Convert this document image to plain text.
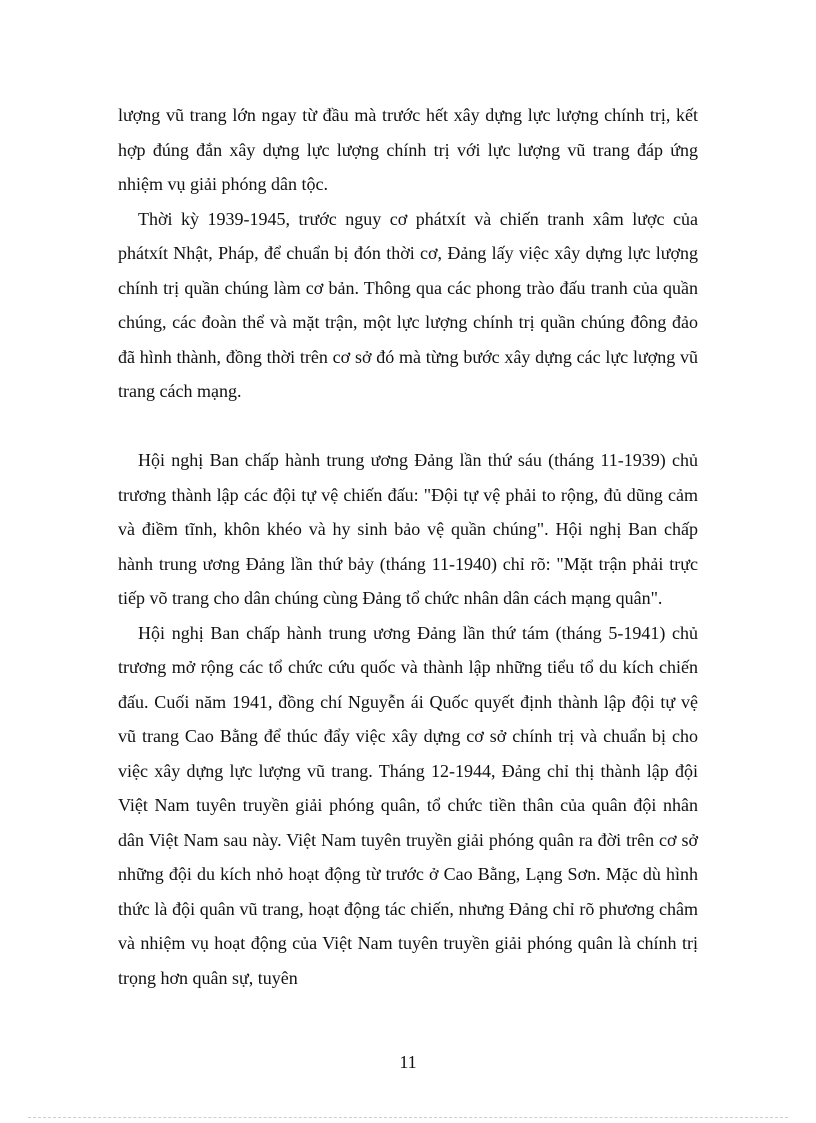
lượng vũ trang lớn ngay từ đầu mà trước hết xây dựng lực lượng chính trị, kết hợp đúng đắn xây dựng lực lượng chính trị với lực lượng vũ trang đáp ứng nhiệm vụ giải phóng dân tộc.

Thời kỳ 1939-1945, trước nguy cơ phátxít và chiến tranh xâm lược của phátxít Nhật, Pháp, để chuẩn bị đón thời cơ, Đảng lấy việc xây dựng lực lượng chính trị quần chúng làm cơ bản. Thông qua các phong trào đấu tranh của quần chúng, các đoàn thể và mặt trận, một lực lượng chính trị quần chúng đông đảo đã hình thành, đồng thời trên cơ sở đó mà từng bước xây dựng các lực lượng vũ trang cách mạng.

Hội nghị Ban chấp hành trung ương Đảng lần thứ sáu (tháng 11-1939) chủ trương thành lập các đội tự vệ chiến đấu: "Đội tự vệ phải to rộng, đủ dũng cảm và điềm tĩnh, khôn khéo và hy sinh bảo vệ quần chúng". Hội nghị Ban chấp hành trung ương Đảng lần thứ bảy (tháng 11-1940) chỉ rõ: "Mặt trận phải trực tiếp võ trang cho dân chúng cùng Đảng tổ chức nhân dân cách mạng quân".

Hội nghị Ban chấp hành trung ương Đảng lần thứ tám (tháng 5-1941) chủ trương mở rộng các tổ chức cứu quốc và thành lập những tiểu tổ du kích chiến đấu. Cuối năm 1941, đồng chí Nguyễn ái Quốc quyết định thành lập đội tự vệ vũ trang Cao Bằng để thúc đẩy việc xây dựng cơ sở chính trị và chuẩn bị cho việc xây dựng lực lượng vũ trang. Tháng 12-1944, Đảng chỉ thị thành lập đội Việt Nam tuyên truyền giải phóng quân, tổ chức tiền thân của quân đội nhân dân Việt Nam sau này. Việt Nam tuyên truyền giải phóng quân ra đời trên cơ sở những đội du kích nhỏ hoạt động từ trước ở Cao Bằng, Lạng Sơn. Mặc dù hình thức là đội quân vũ trang, hoạt động tác chiến, nhưng Đảng chỉ rõ phương châm và nhiệm vụ hoạt động của Việt Nam tuyên truyền giải phóng quân là chính trị trọng hơn quân sự, tuyên

11
